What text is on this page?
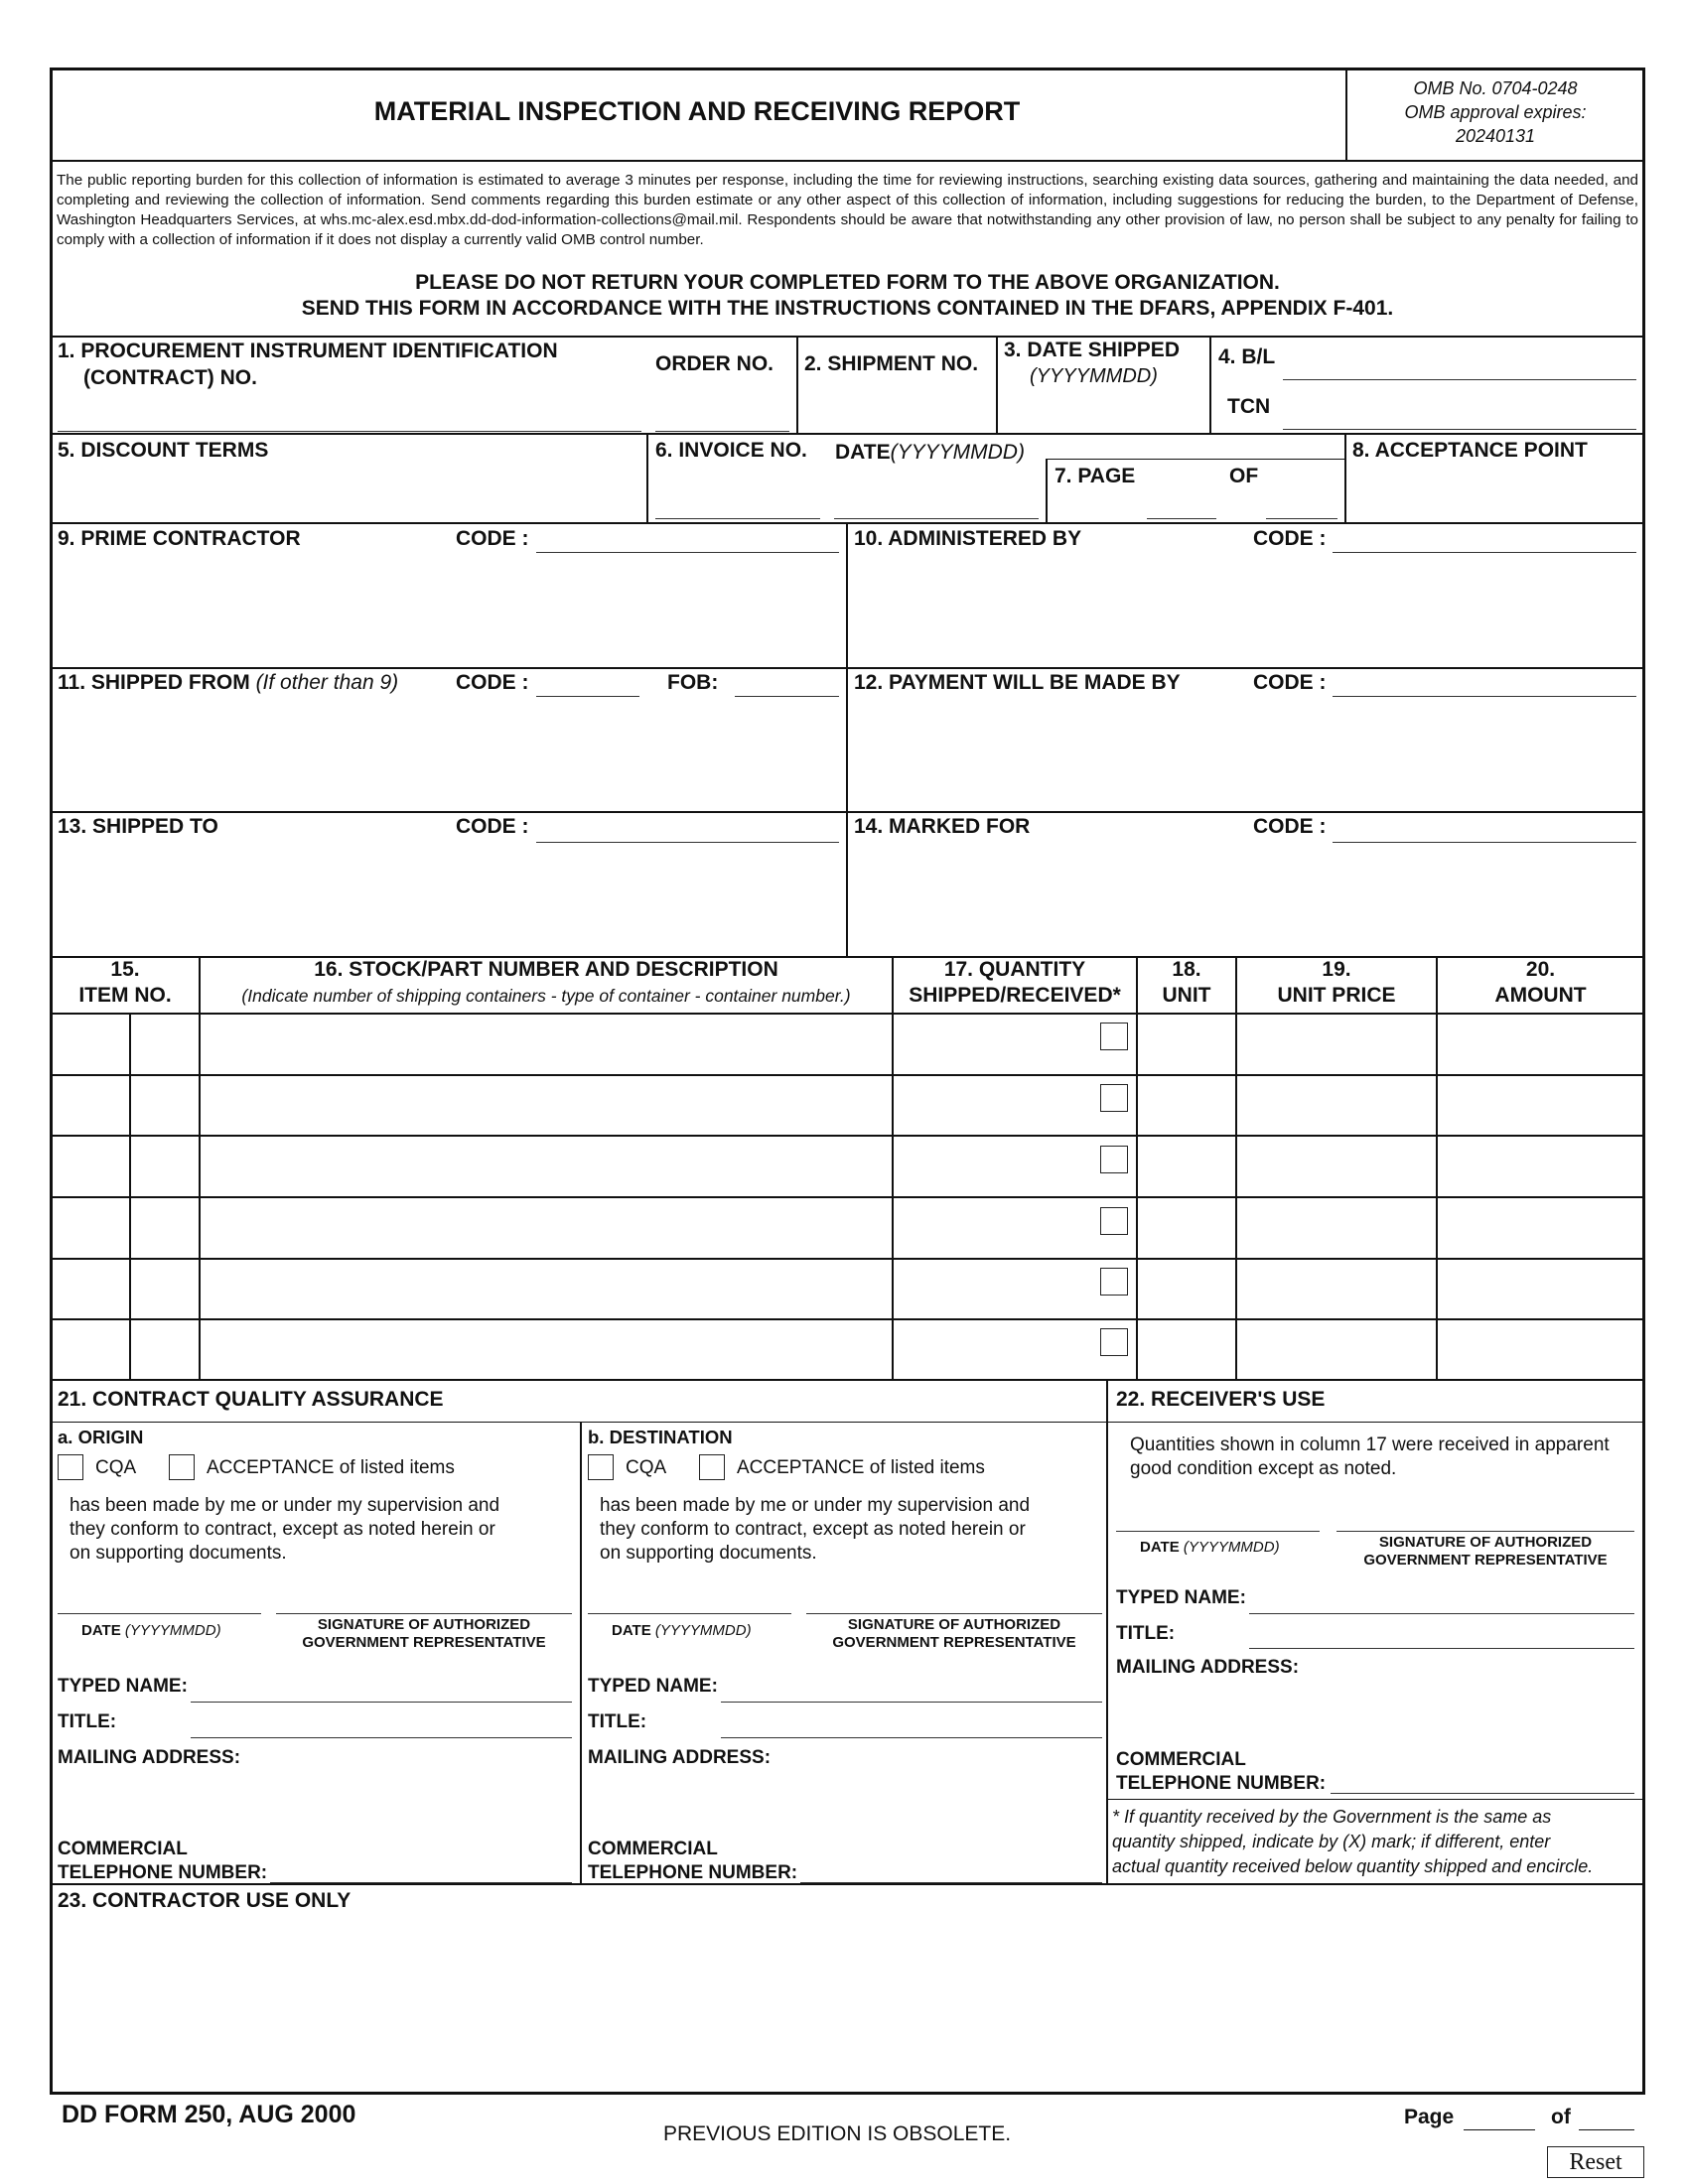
MATERIAL INSPECTION AND RECEIVING REPORT
OMB No. 0704-0248
OMB approval expires:
20240131
The public reporting burden for this collection of information is estimated to average 3 minutes per response, including the time for reviewing instructions, searching existing data sources, gathering and maintaining the data needed, and completing and reviewing the collection of information. Send comments regarding this burden estimate or any other aspect of this collection of information, including suggestions for reducing the burden, to the Department of Defense, Washington Headquarters Services, at whs.mc-alex.esd.mbx.dd-dod-information-collections@mail.mil. Respondents should be aware that notwithstanding any other provision of law, no person shall be subject to any penalty for failing to comply with a collection of information if it does not display a currently valid OMB control number.
PLEASE DO NOT RETURN YOUR COMPLETED FORM TO THE ABOVE ORGANIZATION.
SEND THIS FORM IN ACCORDANCE WITH THE INSTRUCTIONS CONTAINED IN THE DFARS, APPENDIX F-401.
1. PROCUREMENT INSTRUMENT IDENTIFICATION
(CONTRACT) NO.
ORDER NO. 2. SHIPMENT NO.
3. DATE SHIPPED
(YYYYMMDD)
4. B/L
TCN
5. DISCOUNT TERMS	6. INVOICE NO. DATE(YYYYMMDD)
7. PAGE	OF
8. ACCEPTANCE POINT
9. PRIME CONTRACTOR	CODE :	10. ADMINISTERED BY	CODE :
11. SHIPPED FROM (If other than 9)	CODE :	FOB:	12. PAYMENT WILL BE MADE BY	CODE :
13. SHIPPED TO	CODE :	14. MARKED FOR	CODE :
15.
ITEM NO.
16. STOCK/PART NUMBER AND DESCRIPTION
(Indicate number of shipping containers - type of container - container number.)
17. QUANTITY
SHIPPED/RECEIVED*
18.
UNIT
19.
UNIT PRICE
20.
AMOUNT
21. CONTRACT QUALITY ASSURANCE
a. ORIGIN
CQA	ACCEPTANCE of listed items
has been made by me or under my supervision and
they conform to contract, except as noted herein or
on supporting documents.
DATE (YYYYMMDD)	SIGNATURE OF AUTHORIZED
GOVERNMENT REPRESENTATIVE
TYPED NAME:
TITLE:
MAILING ADDRESS:
COMMERCIAL
TELEPHONE NUMBER:
b. DESTINATION
CQA	ACCEPTANCE of listed items
has been made by me or under my supervision and
they conform to contract, except as noted herein or
on supporting documents.
DATE (YYYYMMDD)	SIGNATURE OF AUTHORIZED
GOVERNMENT REPRESENTATIVE
TYPED NAME:
TITLE:
MAILING ADDRESS:
COMMERCIAL
TELEPHONE NUMBER:
22. RECEIVER'S USE
Quantities shown in column 17 were received in apparent
good condition except as noted.
DATE (YYYYMMDD)	SIGNATURE OF AUTHORIZED
GOVERNMENT REPRESENTATIVE
TYPED NAME:
TITLE:
MAILING ADDRESS:
COMMERCIAL
TELEPHONE NUMBER:
* If quantity received by the Government is the same as
quantity shipped, indicate by (X) mark; if different, enter
actual quantity received below quantity shipped and encircle.
23. CONTRACTOR USE ONLY
DD FORM 250, AUG 2000
PREVIOUS EDITION IS OBSOLETE.
Page	of
Reset
